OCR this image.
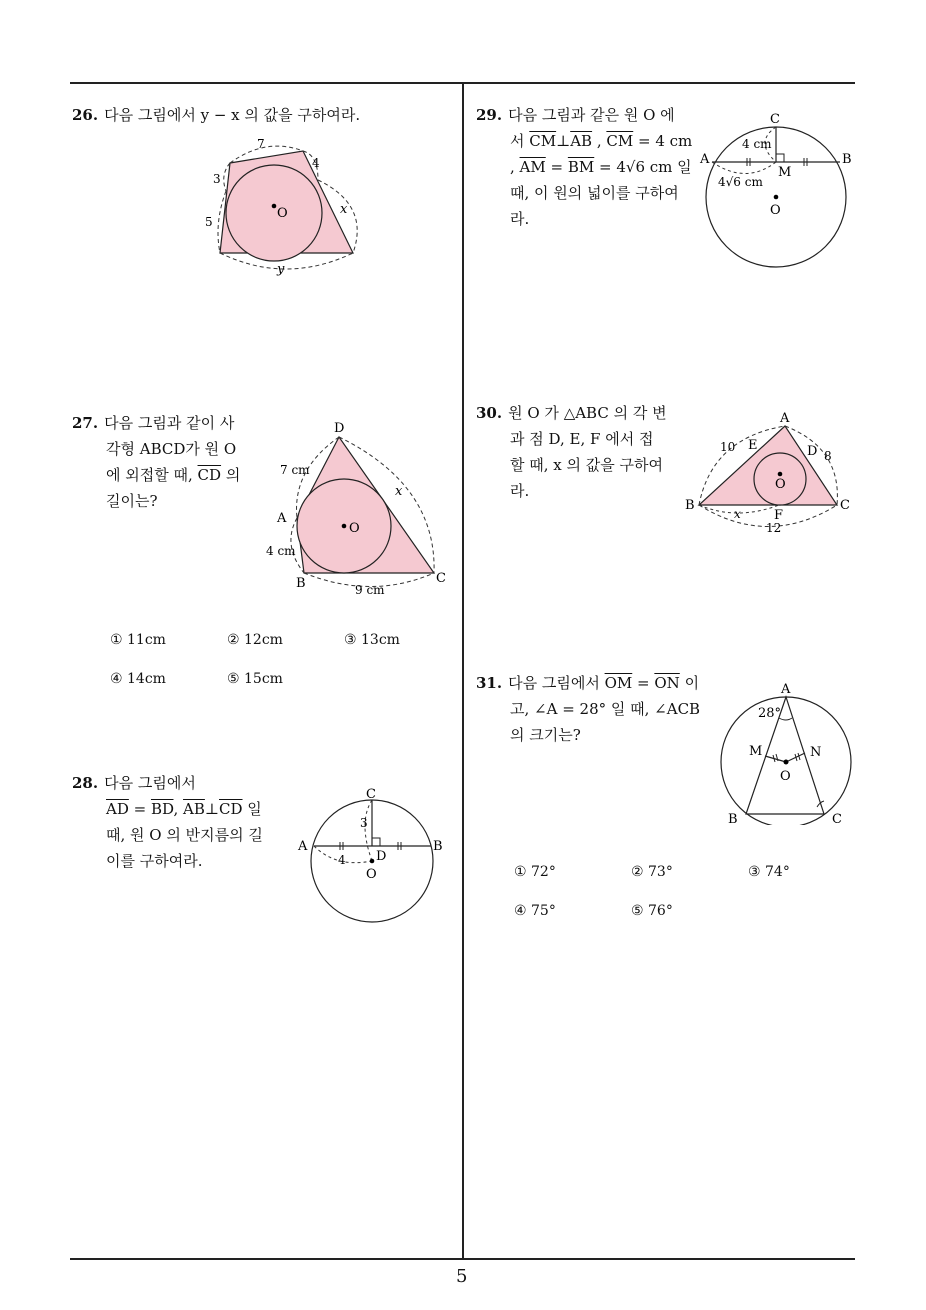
5
26. 다음 그림에서 y − x 의 값을 구하여라.
O
7
3
5
4
x
y
27. 다음 그림과 같이 사
각형 ABCD가 원 O
에 외접할 때, $\overline{CD}$ 의
길이는?
O
D
A
B	C
7 cm
4 cm
9 cm
x
① 11cm	② 12cm	③ 13cm
④ 14cm	⑤ 15cm
28. 다음 그림에서
$\overline{AD} = \overline{BD}$, $\overline{AB}\perp\overline{CD}$ 일
때, 원 O 의 반지름의 길
이를 구하여라.
C
A	B
D
O
3
4
29. 다음 그림과 같은 원 O 에
서 $\overline{CM}\perp\overline{AB}$ , $\overline{CM} = 4$ cm
, $\overline{AM} = \overline{BM} = 4√6$ cm 일
때, 이 원의 넓이를 구하여
라.
C
A	B
M
O
4 cm
4√6 cm
30. 원 O 가 △ABC 의 각 변
과 점 D, E, F 에서 접
할 때, x 의 값을 구하여
라.
A
B	C
D
E
F
O
10
8
12
x
31. 다음 그림에서 $\overline{OM} = \overline{ON}$ 이
고, ∠A = 28° 일 때, ∠ACB
의 크기는?
A
B	C
M	N
O
28°
① 72°	② 73°	③ 74°
④ 75°	⑤ 76°
